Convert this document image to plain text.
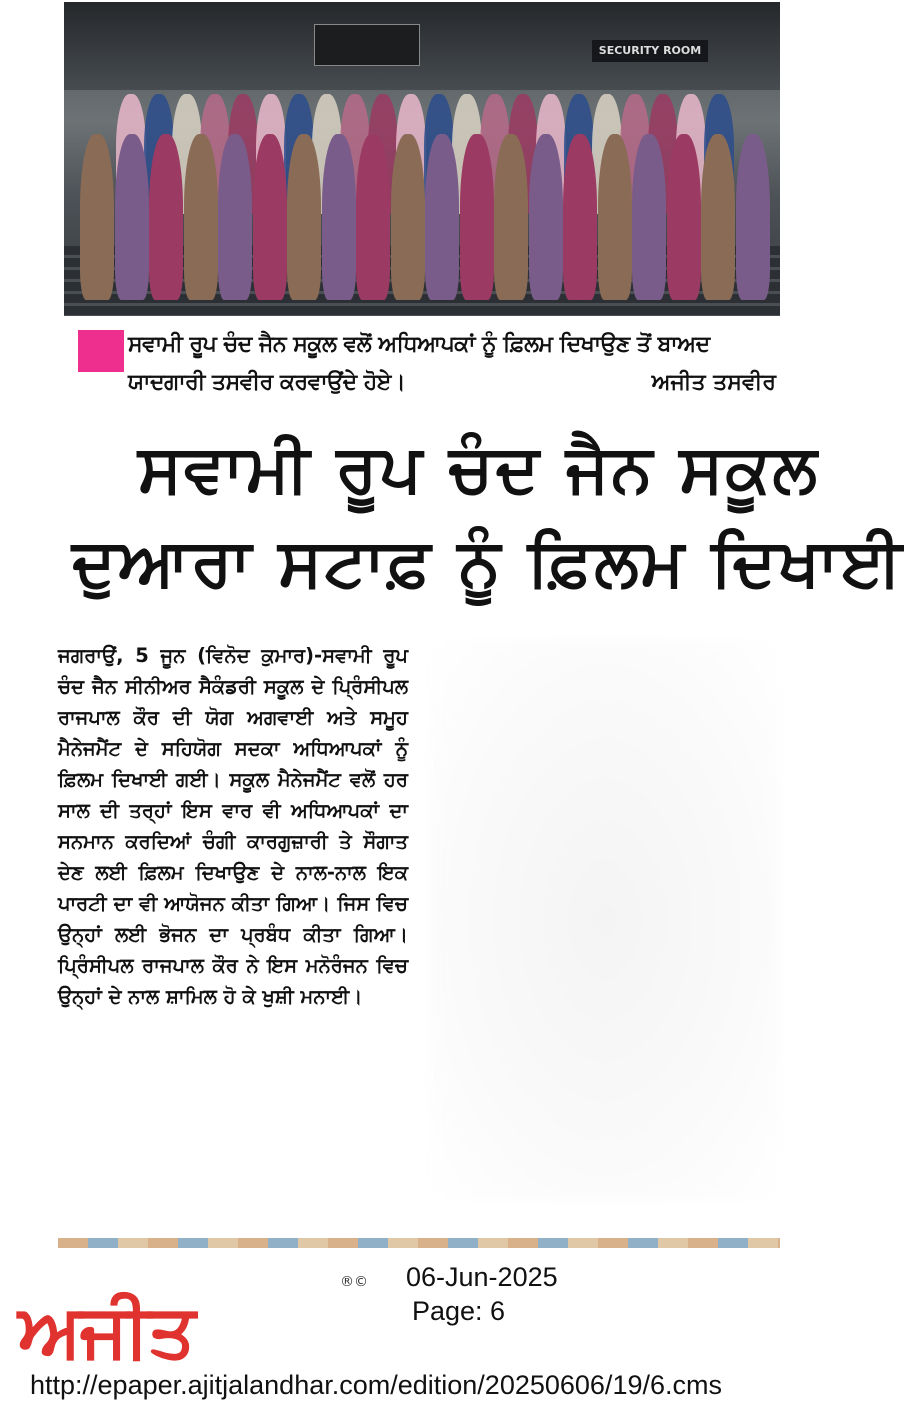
SECURITY ROOM
ਸਵਾਮੀ ਰੂਪ ਚੰਦ ਜੈਨ ਸਕੂਲ ਵਲੋਂ ਅਧਿਆਪਕਾਂ ਨੂੰ ਫ਼ਿਲਮ ਦਿਖਾਉਣ ਤੋਂ ਬਾਅਦ
ਯਾਦਗਾਰੀ ਤਸਵੀਰ ਕਰਵਾਉਂਦੇ ਹੋਏ।	ਅਜੀਤ ਤਸਵੀਰ
ਸਵਾਮੀ ਰੂਪ ਚੰਦ ਜੈਨ ਸਕੂਲ
ਦੁਆਰਾ ਸਟਾਫ਼ ਨੂੰ ਫ਼ਿਲਮ ਦਿਖਾਈ

ਜਗਰਾਉਂ, 5 ਜੂਨ (ਵਿਨੋਦ ਕੁਮਾਰ)-ਸਵਾਮੀ ਰੂਪ ਚੰਦ ਜੈਨ ਸੀਨੀਅਰ ਸੈਕੰਡਰੀ ਸਕੂਲ ਦੇ ਪ੍ਰਿੰਸੀਪਲ ਰਾਜਪਾਲ ਕੌਰ ਦੀ ਯੋਗ ਅਗਵਾਈ ਅਤੇ ਸਮੂਹ ਮੈਨੇਜਮੈਂਟ ਦੇ ਸਹਿਯੋਗ ਸਦਕਾ ਅਧਿਆਪਕਾਂ ਨੂੰ ਫ਼ਿਲਮ ਦਿਖਾਈ ਗਈ। ਸਕੂਲ ਮੈਨੇਜਮੈਂਟ ਵਲੋਂ ਹਰ ਸਾਲ ਦੀ ਤਰ੍ਹਾਂ ਇਸ ਵਾਰ ਵੀ ਅਧਿਆਪਕਾਂ ਦਾ ਸਨਮਾਨ ਕਰਦਿਆਂ ਚੰਗੀ ਕਾਰਗੁਜ਼ਾਰੀ ਤੇ ਸੌਗਾਤ ਦੇਣ ਲਈ ਫ਼ਿਲਮ ਦਿਖਾਉਣ ਦੇ ਨਾਲ-ਨਾਲ ਇਕ ਪਾਰਟੀ ਦਾ ਵੀ ਆਯੋਜਨ ਕੀਤਾ ਗਿਆ। ਜਿਸ ਵਿਚ ਉਨ੍ਹਾਂ ਲਈ ਭੋਜਨ ਦਾ ਪ੍ਰਬੰਧ ਕੀਤਾ ਗਿਆ। ਪ੍ਰਿੰਸੀਪਲ ਰਾਜਪਾਲ ਕੌਰ ਨੇ ਇਸ ਮਨੋਰੰਜਨ ਵਿਚ ਉਨ੍ਹਾਂ ਦੇ ਨਾਲ ਸ਼ਾਮਿਲ ਹੋ ਕੇ ਖੁਸ਼ੀ ਮਨਾਈ।

ਅਜੀਤ
®© 06-Jun-2025
Page: 6
http://epaper.ajitjalandhar.com/edition/20250606/19/6.cms
